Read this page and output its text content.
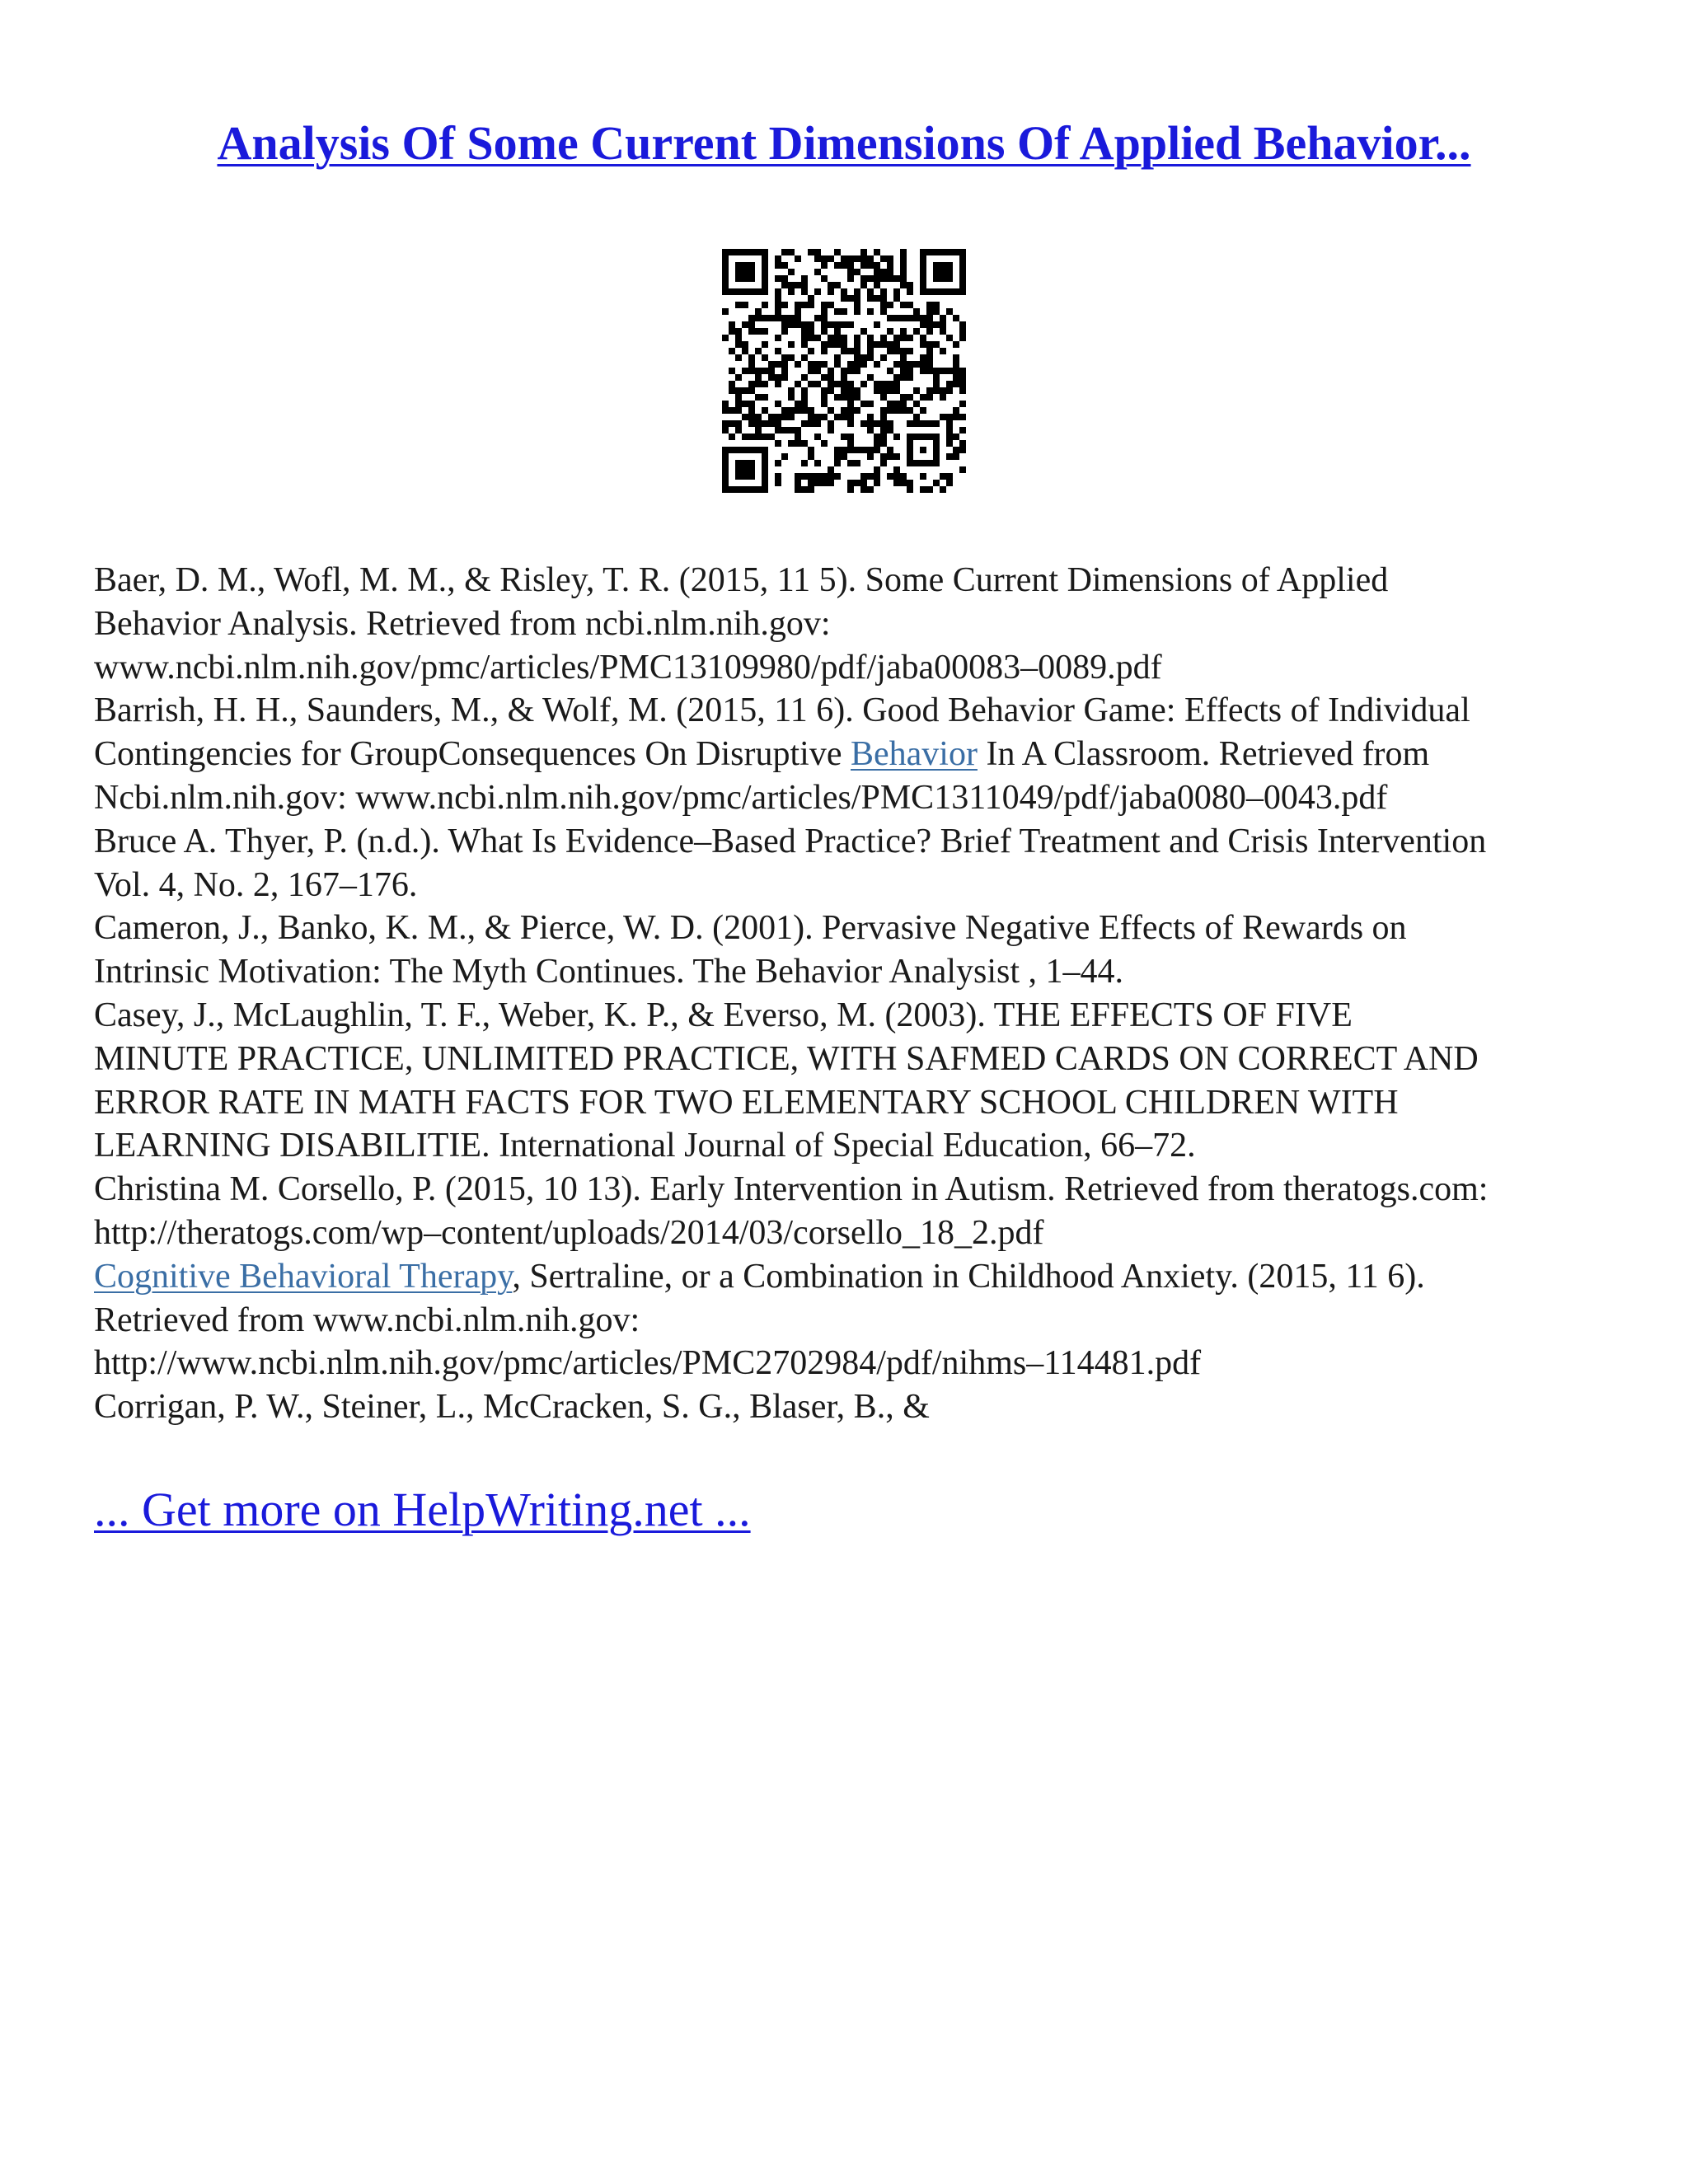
Analysis Of Some Current Dimensions Of Applied Behavior...
Baer, D. M., Wofl, M. M., & Risley, T. R. (2015, 11 5). Some Current Dimensions of Applied
Behavior Analysis. Retrieved from ncbi.nlm.nih.gov:
www.ncbi.nlm.nih.gov/pmc/articles/PMC13109980/pdf/jaba00083–0089.pdf
Barrish, H. H., Saunders, M., & Wolf, M. (2015, 11 6). Good Behavior Game: Effects of Individual
Contingencies for GroupConsequences On Disruptive Behavior In A Classroom. Retrieved from
Ncbi.nlm.nih.gov: www.ncbi.nlm.nih.gov/pmc/articles/PMC1311049/pdf/jaba0080–0043.pdf
Bruce A. Thyer, P. (n.d.). What Is Evidence–Based Practice? Brief Treatment and Crisis Intervention
Vol. 4, No. 2, 167–176.
Cameron, J., Banko, K. M., & Pierce, W. D. (2001). Pervasive Negative Effects of Rewards on
Intrinsic Motivation: The Myth Continues. The Behavior Analysist , 1–44.
Casey, J., McLaughlin, T. F., Weber, K. P., & Everso, M. (2003). THE EFFECTS OF FIVE
MINUTE PRACTICE, UNLIMITED PRACTICE, WITH SAFMED CARDS ON CORRECT AND
ERROR RATE IN MATH FACTS FOR TWO ELEMENTARY SCHOOL CHILDREN WITH
LEARNING DISABILITIE. International Journal of Special Education, 66–72.
Christina M. Corsello, P. (2015, 10 13). Early Intervention in Autism. Retrieved from theratogs.com:
http://theratogs.com/wp–content/uploads/2014/03/corsello_18_2.pdf
Cognitive Behavioral Therapy, Sertraline, or a Combination in Childhood Anxiety. (2015, 11 6).
Retrieved from www.ncbi.nlm.nih.gov:
http://www.ncbi.nlm.nih.gov/pmc/articles/PMC2702984/pdf/nihms–114481.pdf
Corrigan, P. W., Steiner, L., McCracken, S. G., Blaser, B., &
... Get more on HelpWriting.net ...
